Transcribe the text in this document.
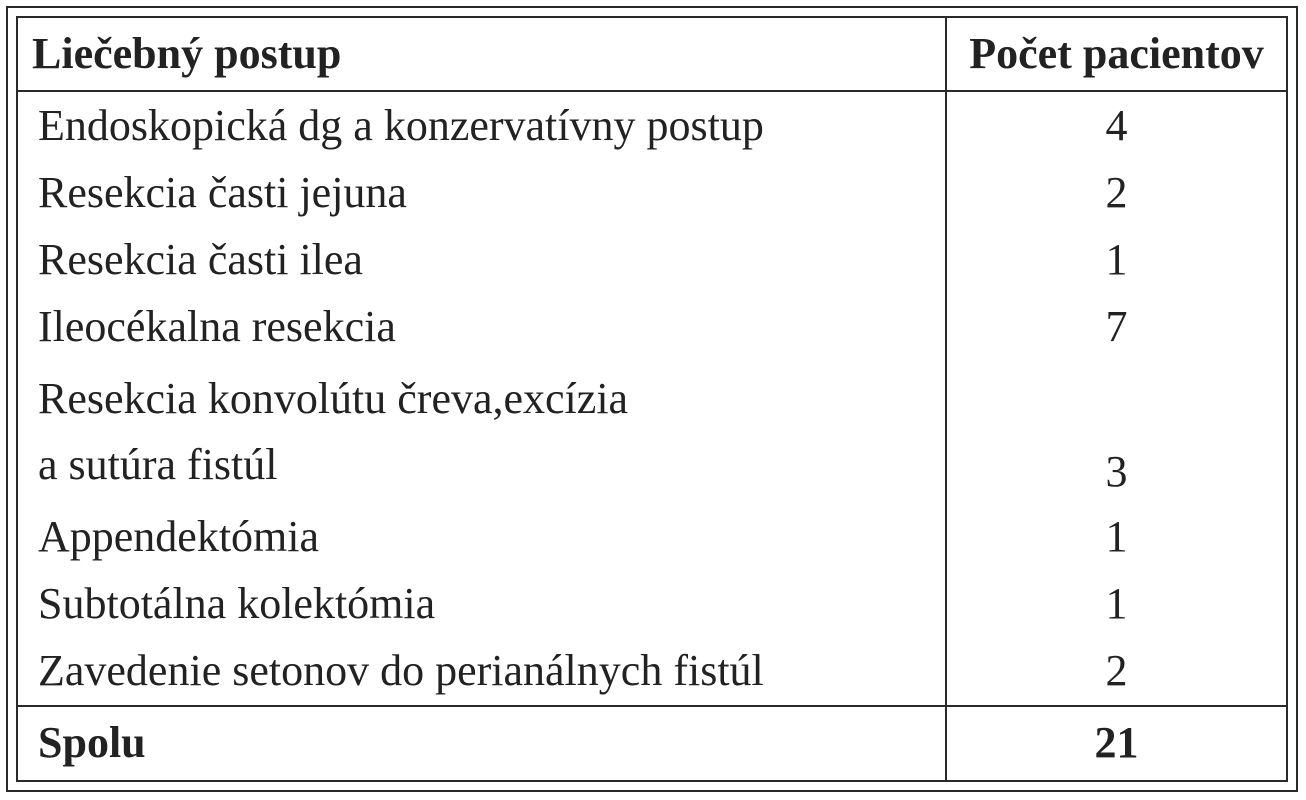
Liečebný postup	Počet pacientov

Endoskopická dg a konzervatívny postup	4

Resekcia časti jejuna	2

Resekcia časti ilea	1

Ileocékalna resekcia	7

Resekcia konvolútu čreva,excízia
a sutúra fistúl	3

Appendektómia	1

Subtotálna kolektómia	1

Zavedenie setonov do perianálnych fistúl	2
Spolu	21
